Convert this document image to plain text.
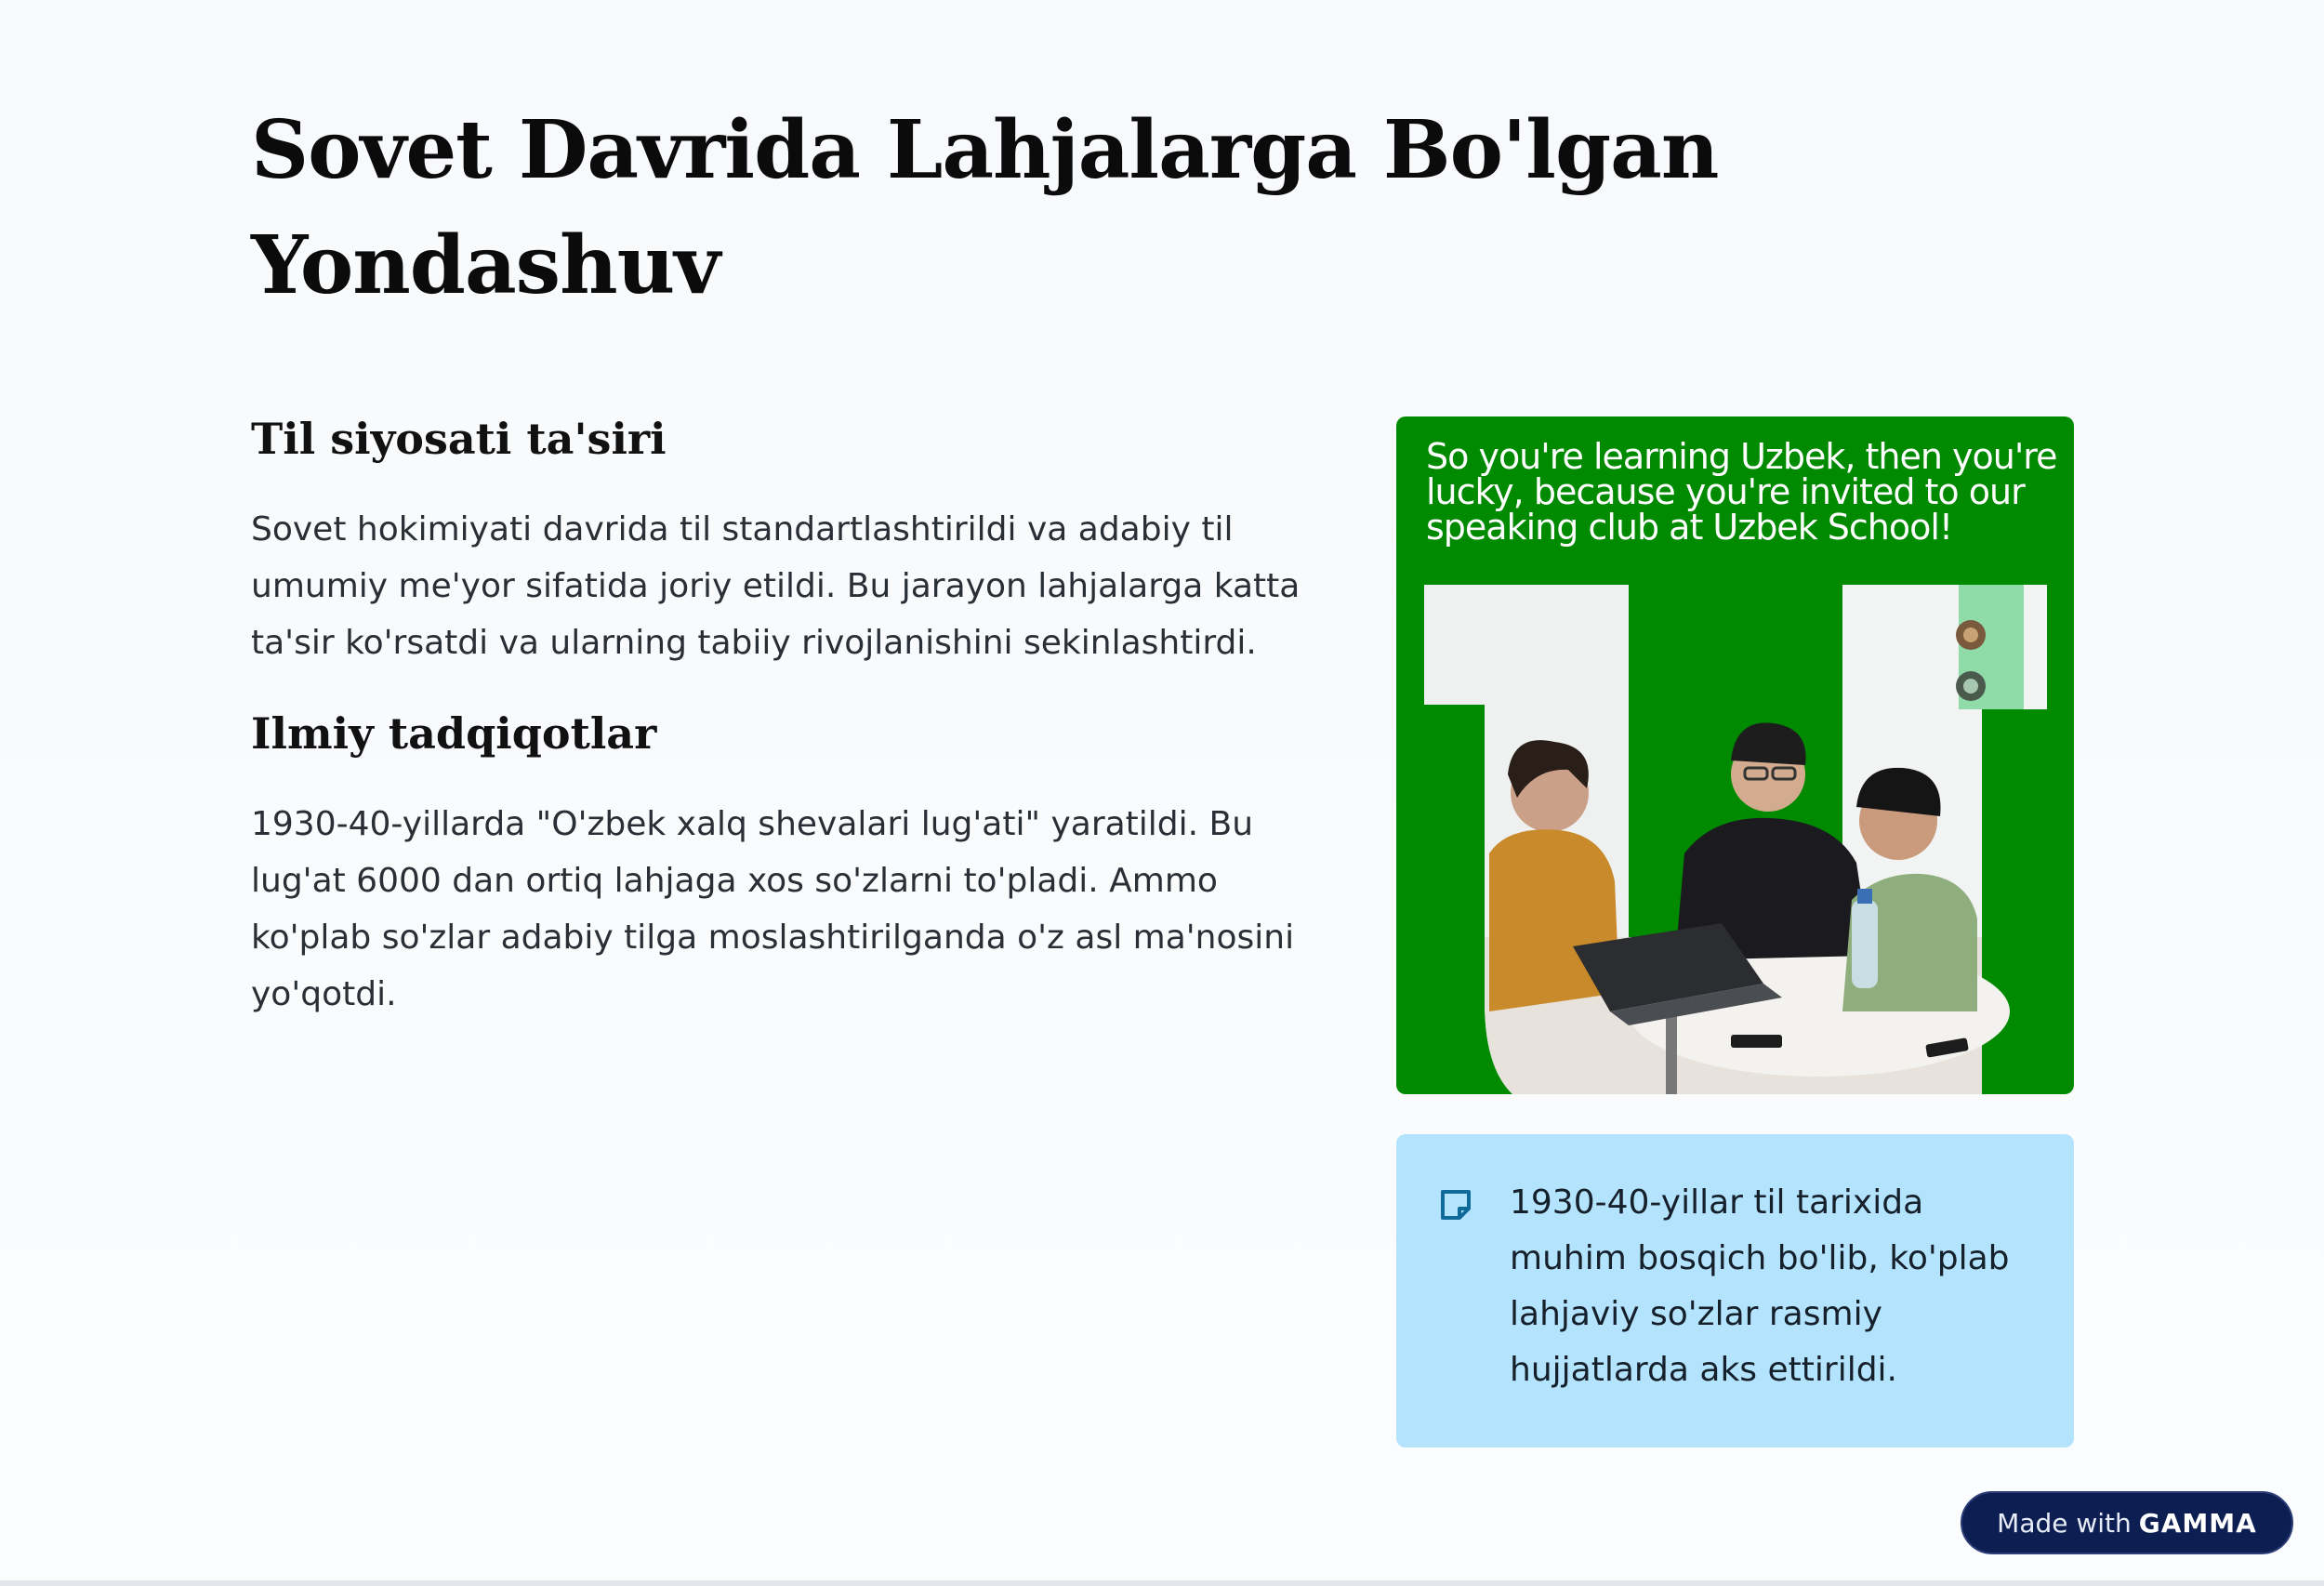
Sovet Davrida Lahjalarga Bo'lgan Yondashuv
Til siyosati ta'siri

Sovet hokimiyati davrida til standartlashtirildi va adabiy til umumiy me'yor sifatida joriy etildi. Bu jarayon lahjalarga katta ta'sir ko'rsatdi va ularning tabiiy rivojlanishini sekinlashtirdi.

Ilmiy tadqiqotlar

1930-40-yillarda "O'zbek xalq shevalari lug'ati" yaratildi. Bu lug'at 6000 dan ortiq lahjaga xos so'zlarni to'pladi. Ammo ko'plab so'zlar adabiy tilga moslashtirilganda o'z asl ma'nosini yo'qotdi.

So you're learning Uzbek, then you're lucky, because you're invited to our speaking club at Uzbek School!

1930-40-yillar til tarixida muhim bosqich bo'lib, ko'plab lahjaviy so'zlar rasmiy hujjatlarda aks ettirildi.

Made with GAMMA
